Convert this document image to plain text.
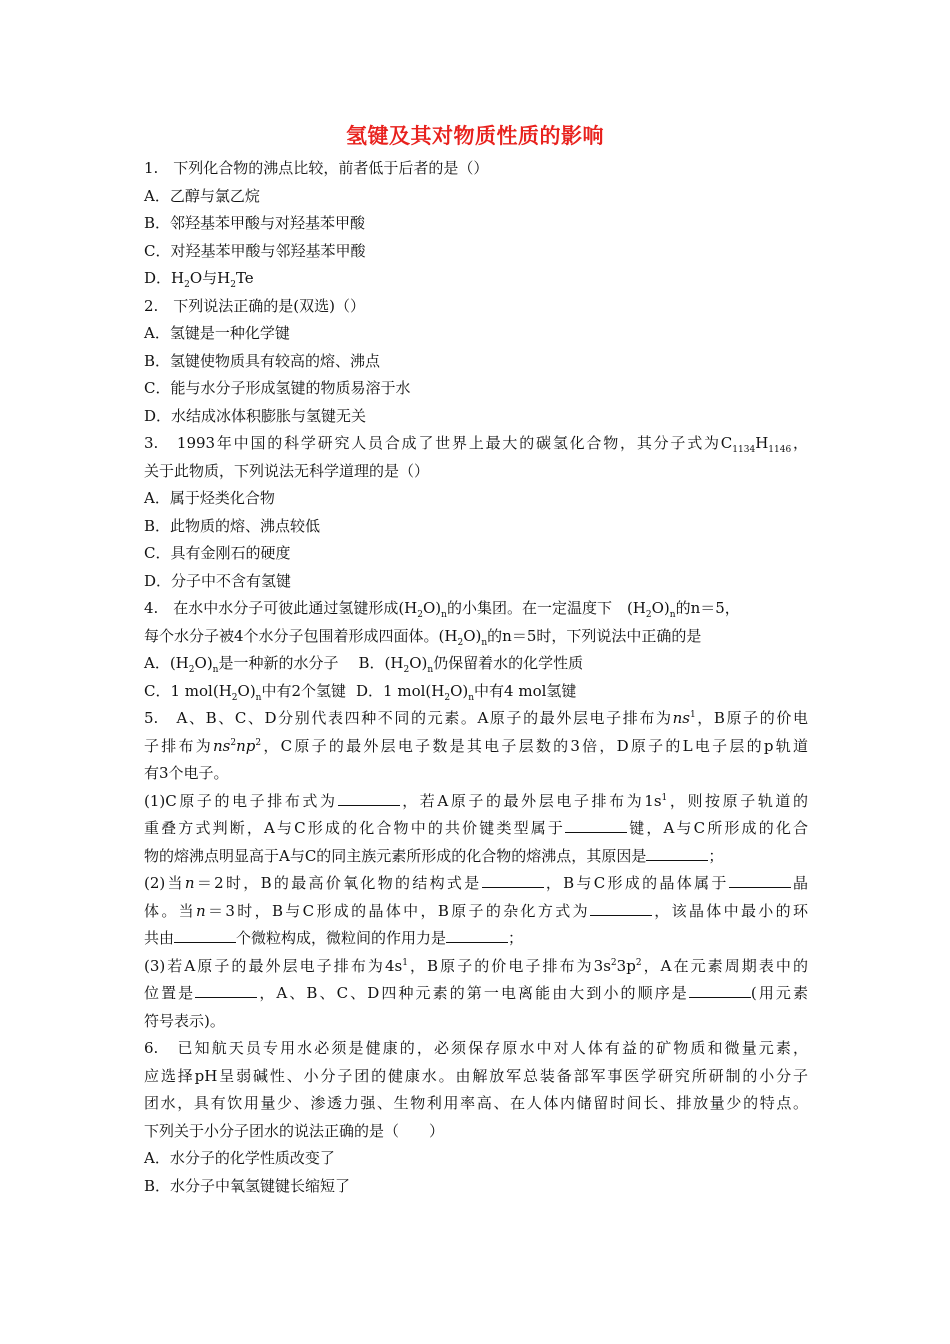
氢键及其对物质性质的影响
1.　下列化合物的沸点比较，前者低于后者的是（）
A．乙醇与氯乙烷
B．邻羟基苯甲酸与对羟基苯甲酸
C．对羟基苯甲酸与邻羟基苯甲酸
D．$H_2O$与$H_2Te$
2.　下列说法正确的是(双选)（）
A．氢键是一种化学键
B．氢键使物质具有较高的熔、沸点
C．能与水分子形成氢键的物质易溶于水
D．水结成冰体积膨胀与氢键无关
3.　1993年中国的科学研究人员合成了世界上最大的碳氢化合物，其分子式为$C_{1134}H_{1146}$，
关于此物质，下列说法无科学道理的是（）
A．属于烃类化合物
B．此物质的熔、沸点较低
C．具有金刚石的硬度
D．分子中不含有氢键
4.　在水中水分子可彼此通过氢键形成$(H_2O)_n$的小集团。在一定温度下　$(H_2O)_n$的n＝5，
每个水分子被4个水分子包围着形成四面体。$(H_2O)_n$的n＝5时，下列说法中正确的是
A．$(H_2O)_n$是一种新的水分子 B．$(H_2O)_n$仍保留着水的化学性质
C．1 $mol(H_2O)_n$中有2个氢键 D．1 $mol(H_2O)_n$中有4 mol氢键
5.　A、B、C、D分别代表四种不同的元素。A原子的最外层电子排布为$ns^1$，B原子的价电
子排布为$ns^2np^2$，C原子的最外层电子数是其电子层数的3倍，D原子的L电子层的p轨道
有3个电子。
(1)C原子的电子排布式为	，若A原子的最外层电子排布为$1s^1$，则按原子轨道的
重叠方式判断，A与C形成的化合物中的共价键类型属于	键，A与C所形成的化合
物的熔沸点明显高于A与C的同主族元素所形成的化合物的熔沸点，其原因是	；
(2)当n＝2时，B的最高价氧化物的结构式是	，B与C形成的晶体属于	晶
体。当n＝3时，B与C形成的晶体中，B原子的杂化方式为	，该晶体中最小的环
共由	个微粒构成，微粒间的作用力是	；
(3)若A原子的最外层电子排布为$4s^1$，B原子的价电子排布为$3s^23p^2$，A在元素周期表中的
位置是	，A、B、C、D四种元素的第一电离能由大到小的顺序是	(用元素
符号表示)。
6.　已知航天员专用水必须是健康的，必须保存原水中对人体有益的矿物质和微量元素，
应选择pH呈弱碱性、小分子团的健康水。由解放军总装备部军事医学研究所研制的小分子
团水，具有饮用量少、渗透力强、生物利用率高、在人体内储留时间长、排放量少的特点。
下列关于小分子团水的说法正确的是（　　）
A．水分子的化学性质改变了
B．水分子中氧氢键键长缩短了
